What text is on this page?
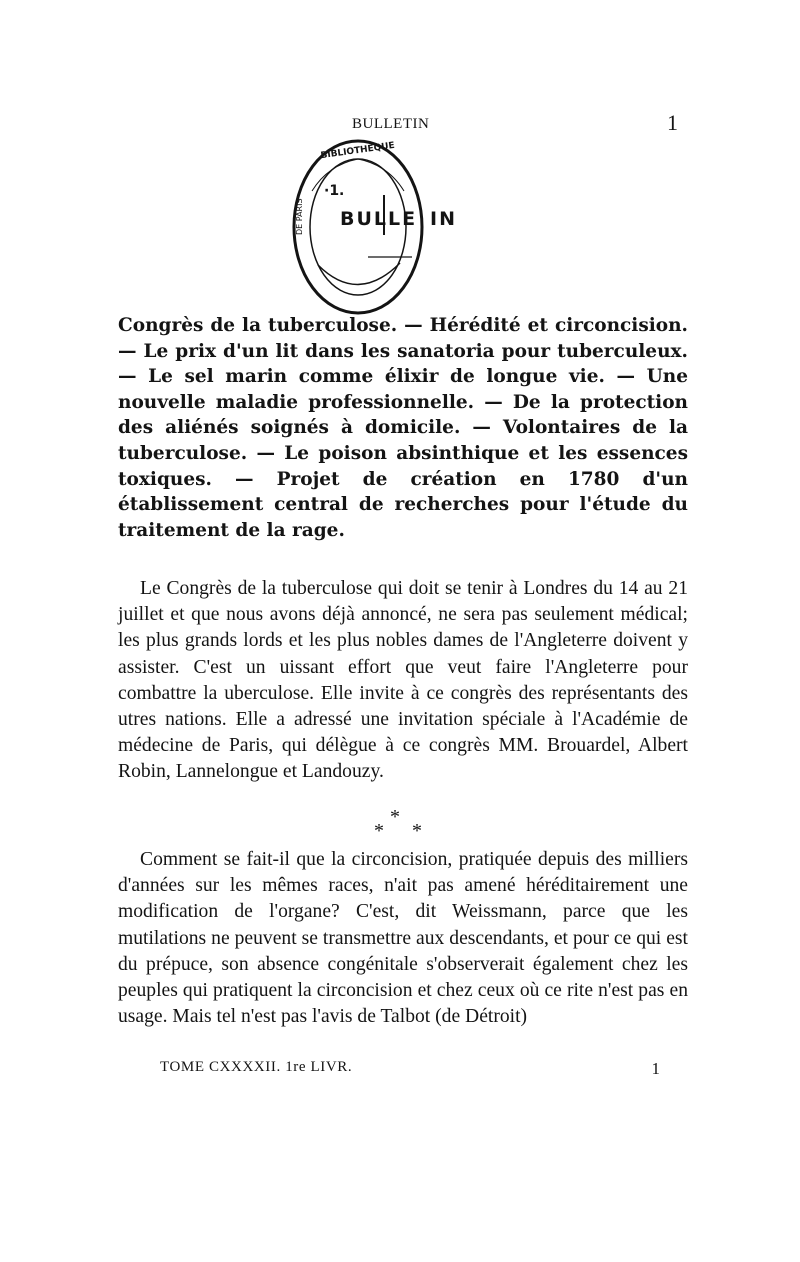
BULLETIN	1
BIBLIOTHÈQUE
DE PARIS
·1.
BULLE IN
Congrès de la tuberculose. — Hérédité et circoncision. — Le prix d'un lit dans les sanatoria pour tuberculeux. — Le sel marin comme élixir de longue vie. — Une nouvelle maladie professionnelle. — De la protection des aliénés soignés à domicile. — Volontaires de la tuberculose. — Le poison absinthique et les essences toxiques. — Projet de création en 1780 d'un établissement central de recherches pour l'étude du traitement de la rage.
Le Congrès de la tuberculose qui doit se tenir à Londres du 14 au 21 juillet et que nous avons déjà annoncé, ne sera pas seulement médical; les plus grands lords et les plus nobles dames de l'Angleterre doivent y assister. C'est un uissant effort que veut faire l'Angleterre pour combattre la uberculose. Elle invite à ce congrès des représentants des utres nations. Elle a adressé une invitation spéciale à l'Académie de médecine de Paris, qui délègue à ce congrès MM. Brouardel, Albert Robin, Lannelongue et Landouzy.
*
* *
Comment se fait-il que la circoncision, pratiquée depuis des milliers d'années sur les mêmes races, n'ait pas amené héréditairement une modification de l'organe? C'est, dit Weissmann, parce que les mutilations ne peuvent se transmettre aux descendants, et pour ce qui est du prépuce, son absence congénitale s'observerait également chez les peuples qui pratiquent la circoncision et chez ceux où ce rite n'est pas en usage. Mais tel n'est pas l'avis de Talbot (de Détroit)
TOME CXXXXII. 1re LIVR.	1
